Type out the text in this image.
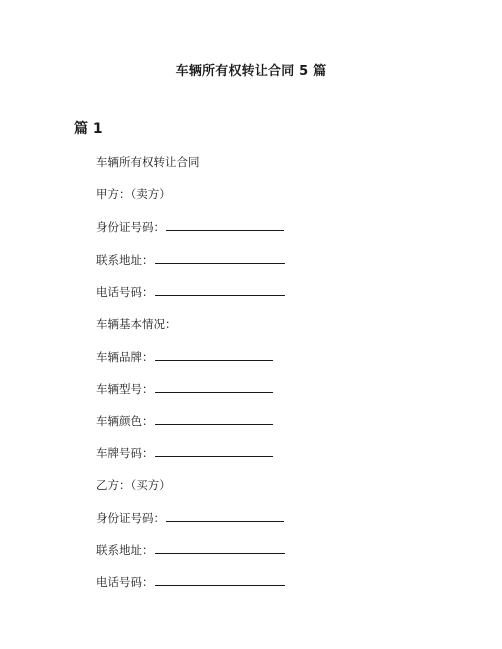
车辆所有权转让合同 5 篇
篇 1
车辆所有权转让合同
甲方：（卖方）
身份证号码：
联系地址：
电话号码：
车辆基本情况：
车辆品牌：
车辆型号：
车辆颜色：
车牌号码：
乙方：（买方）
身份证号码：
联系地址：
电话号码：
